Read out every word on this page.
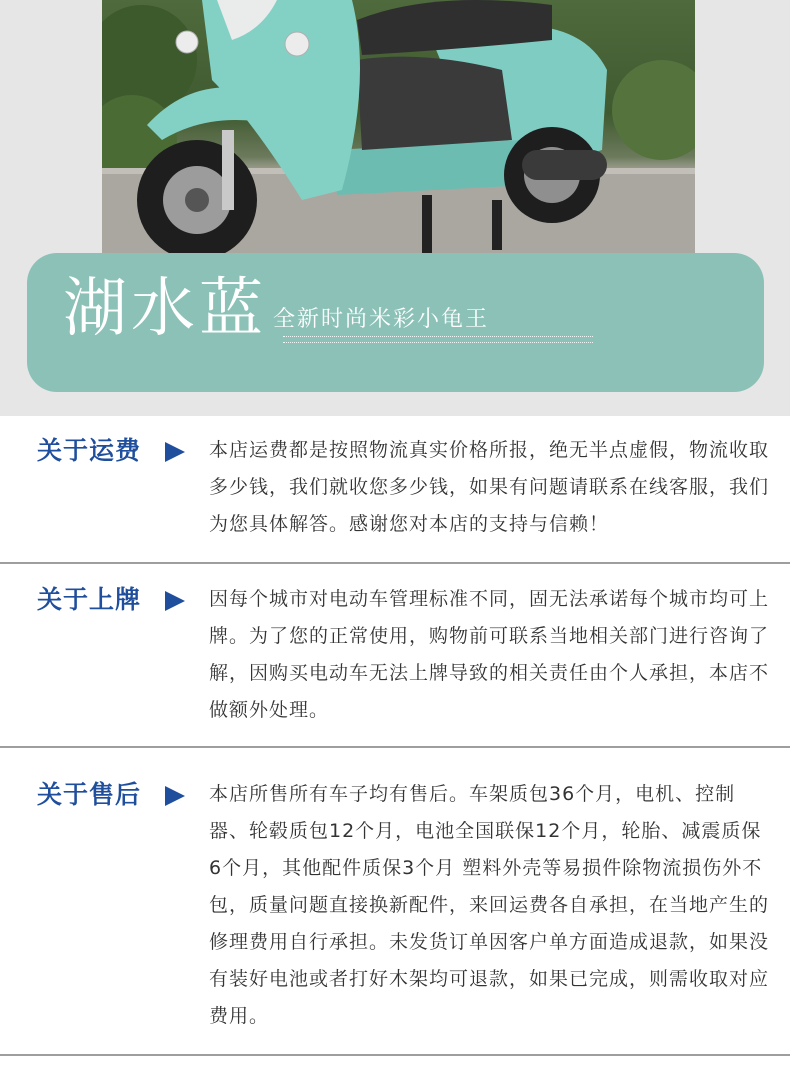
湖水蓝 全新时尚米彩小龟王
关于运费	本店运费都是按照物流真实价格所报，绝无半点虚假，物流收取多少钱，我们就收您多少钱，如果有问题请联系在线客服，我们为您具体解答。感谢您对本店的支持与信赖！
关于上牌	因每个城市对电动车管理标准不同，固无法承诺每个城市均可上牌。为了您的正常使用，购物前可联系当地相关部门进行咨询了解，因购买电动车无法上牌导致的相关责任由个人承担，本店不做额外处理。
关于售后	本店所售所有车子均有售后。车架质包36个月，电机、控制器、轮毂质包12个月，电池全国联保12个月，轮胎、减震质保6个月，其他配件质保3个月 塑料外壳等易损件除物流损伤外不包，质量问题直接换新配件，来回运费各自承担，在当地产生的修理费用自行承担。未发货订单因客户单方面造成退款，如果没有装好电池或者打好木架均可退款，如果已完成，则需收取对应费用。
